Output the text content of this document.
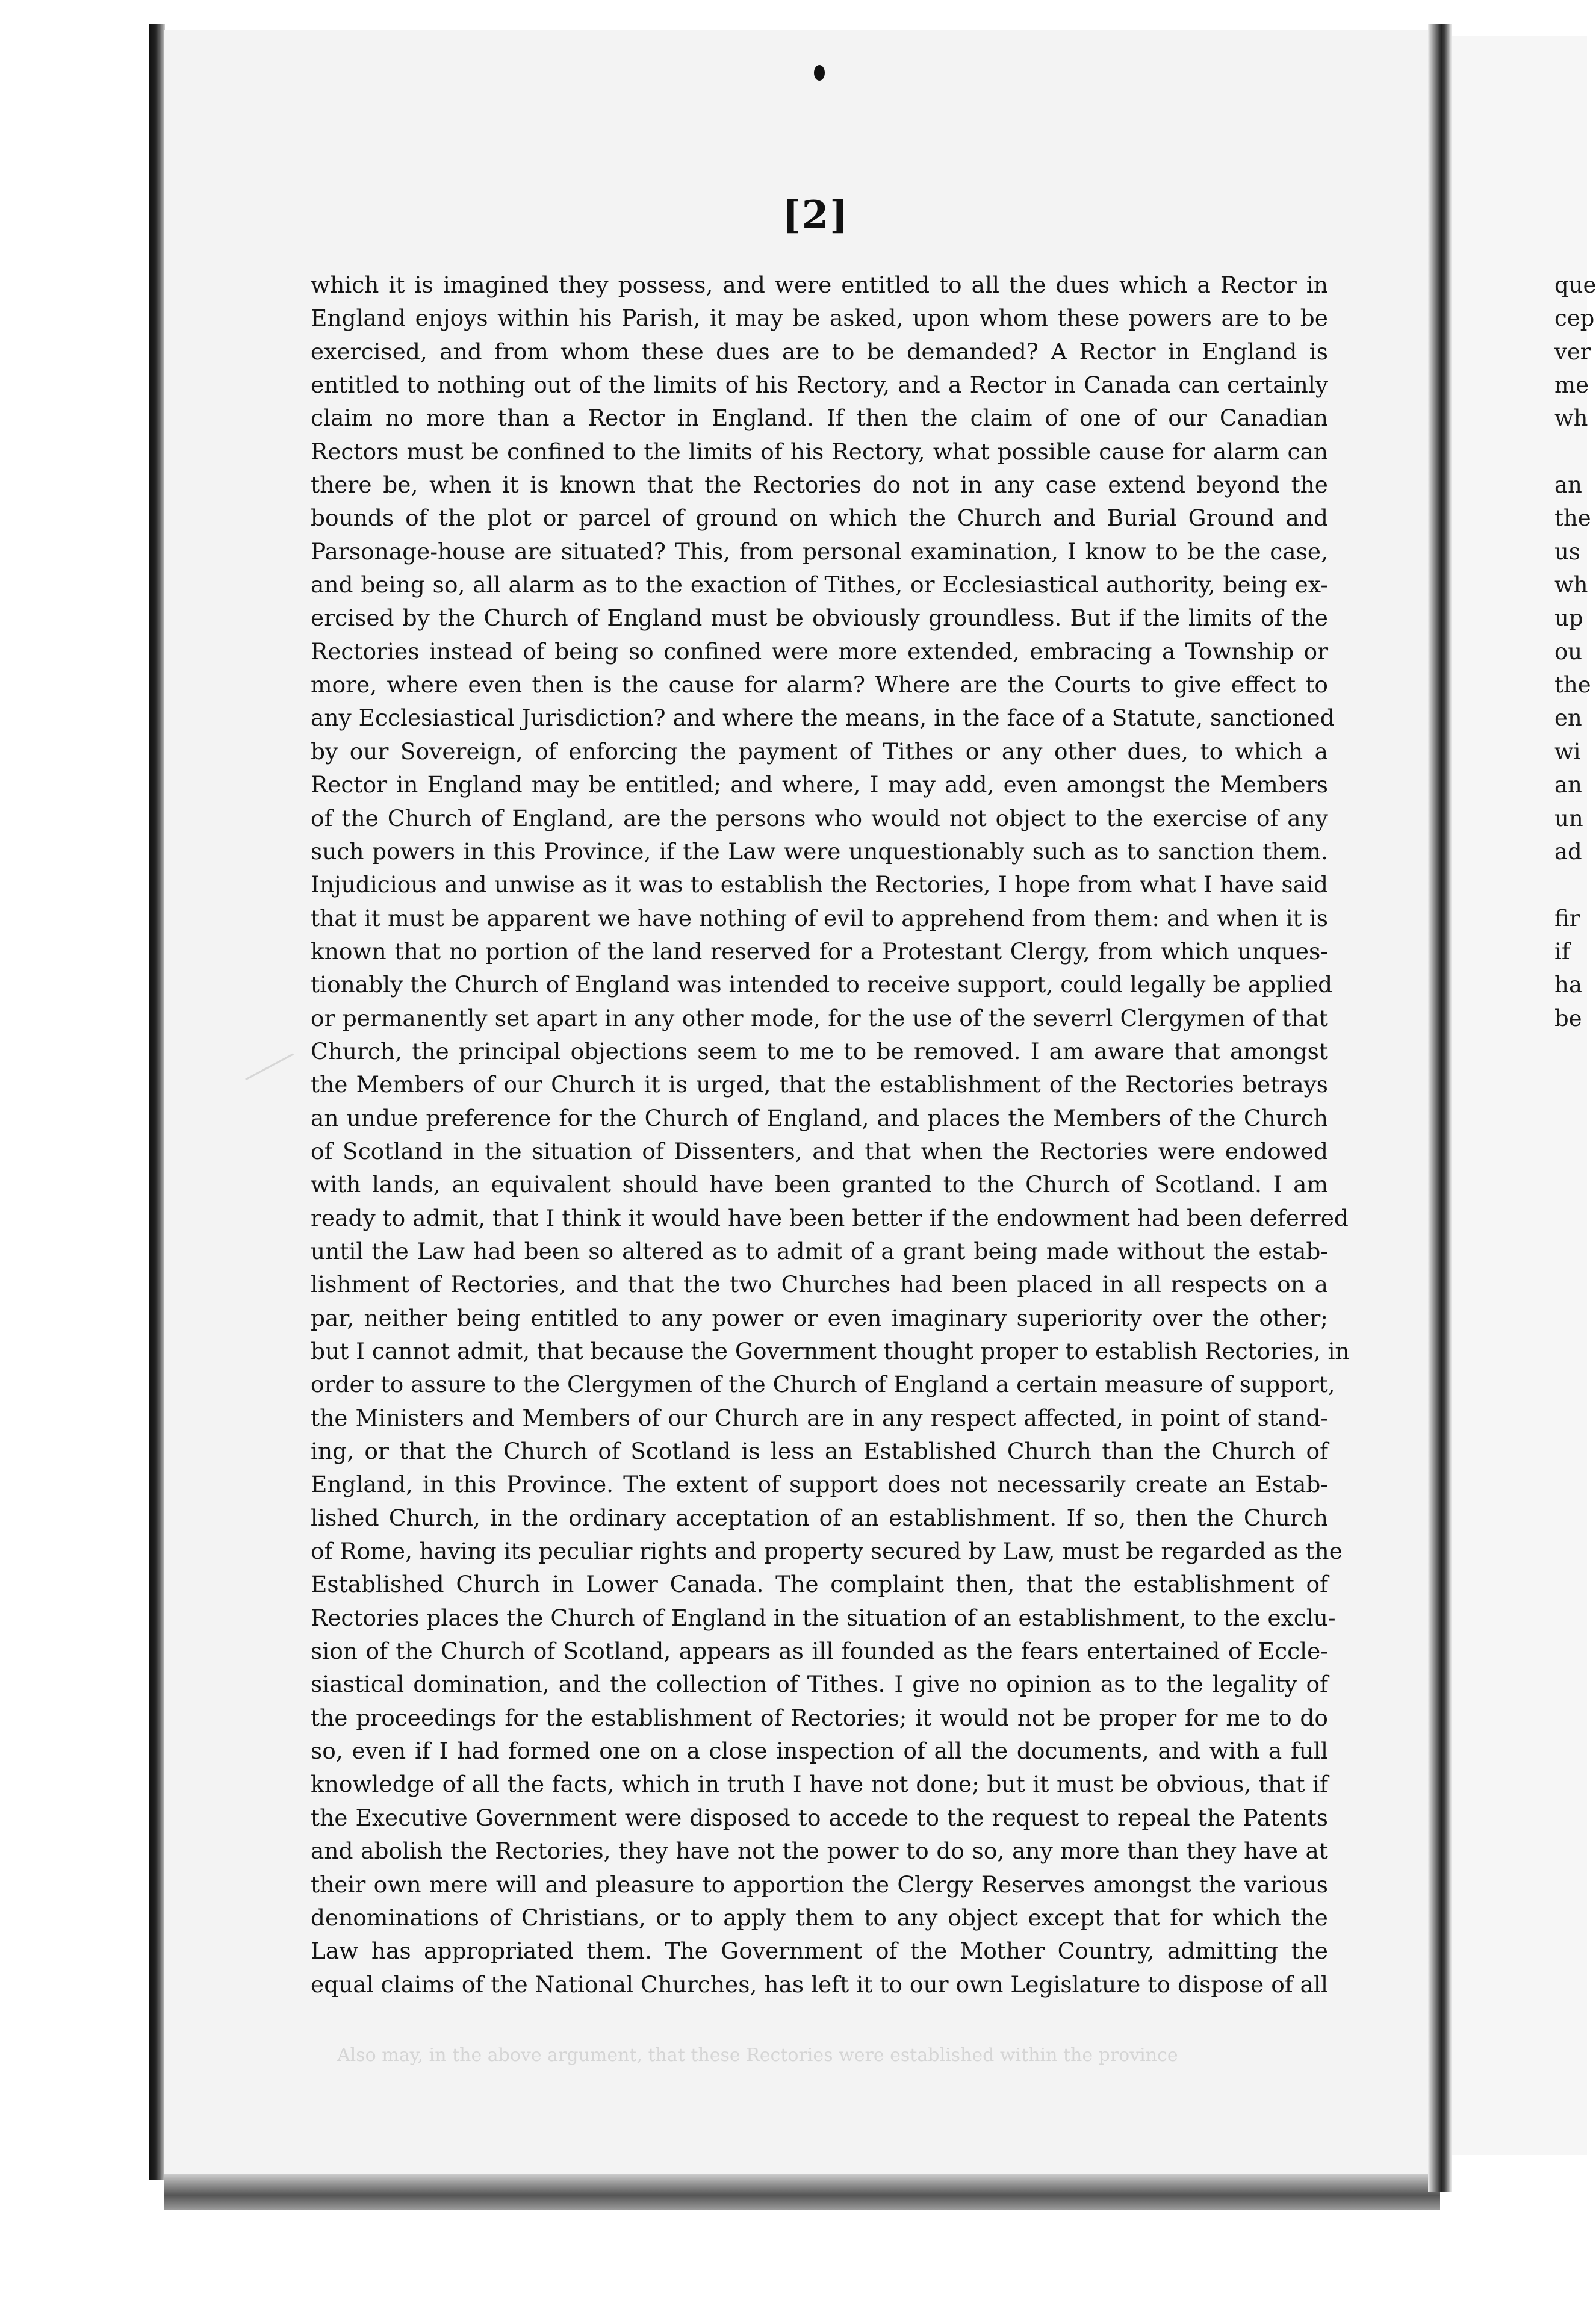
[2]
which it is imagined they possess, and were entitled to all the dues which a Rector in
England enjoys within his Parish, it may be asked, upon whom these powers are to be
exercised, and from whom these dues are to be demanded? A Rector in England is
entitled to nothing out of the limits of his Rectory, and a Rector in Canada can certainly
claim no more than a Rector in England. If then the claim of one of our Canadian
Rectors must be confined to the limits of his Rectory, what possible cause for alarm can
there be, when it is known that the Rectories do not in any case extend beyond the
bounds of the plot or parcel of ground on which the Church and Burial Ground and
Parsonage-house are situated? This, from personal examination, I know to be the case,
and being so, all alarm as to the exaction of Tithes, or Ecclesiastical authority, being ex-
ercised by the Church of England must be obviously groundless. But if the limits of the
Rectories instead of being so confined were more extended, embracing a Township or
more, where even then is the cause for alarm? Where are the Courts to give effect to
any Ecclesiastical Jurisdiction? and where the means, in the face of a Statute, sanctioned
by our Sovereign, of enforcing the payment of Tithes or any other dues, to which a
Rector in England may be entitled; and where, I may add, even amongst the Members
of the Church of England, are the persons who would not object to the exercise of any
such powers in this Province, if the Law were unquestionably such as to sanction them.
Injudicious and unwise as it was to establish the Rectories, I hope from what I have said
that it must be apparent we have nothing of evil to apprehend from them: and when it is
known that no portion of the land reserved for a Protestant Clergy, from which unques-
tionably the Church of England was intended to receive support, could legally be applied
or permanently set apart in any other mode, for the use of the severrl Clergymen of that
Church, the principal objections seem to me to be removed. I am aware that amongst
the Members of our Church it is urged, that the establishment of the Rectories betrays
an undue preference for the Church of England, and places the Members of the Church
of Scotland in the situation of Dissenters, and that when the Rectories were endowed
with lands, an equivalent should have been granted to the Church of Scotland. I am
ready to admit, that I think it would have been better if the endowment had been deferred
until the Law had been so altered as to admit of a grant being made without the estab-
lishment of Rectories, and that the two Churches had been placed in all respects on a
par, neither being entitled to any power or even imaginary superiority over the other;
but I cannot admit, that because the Government thought proper to establish Rectories, in
order to assure to the Clergymen of the Church of England a certain measure of support,
the Ministers and Members of our Church are in any respect affected, in point of stand-
ing, or that the Church of Scotland is less an Established Church than the Church of
England, in this Province. The extent of support does not necessarily create an Estab-
lished Church, in the ordinary acceptation of an establishment. If so, then the Church
of Rome, having its peculiar rights and property secured by Law, must be regarded as the
Established Church in Lower Canada. The complaint then, that the establishment of
Rectories places the Church of England in the situation of an establishment, to the exclu-
sion of the Church of Scotland, appears as ill founded as the fears entertained of Eccle-
siastical domination, and the collection of Tithes. I give no opinion as to the legality of
the proceedings for the establishment of Rectories; it would not be proper for me to do
so, even if I had formed one on a close inspection of all the documents, and with a full
knowledge of all the facts, which in truth I have not done; but it must be obvious, that if
the Executive Government were disposed to accede to the request to repeal the Patents
and abolish the Rectories, they have not the power to do so, any more than they have at
their own mere will and pleasure to apportion the Clergy Reserves amongst the various
denominations of Christians, or to apply them to any object except that for which the
Law has appropriated them. The Government of the Mother Country, admitting the
equal claims of the National Churches, has left it to our own Legislature to dispose of all
que
cep
ver
me
wh
an
the
us
wh
up
ou
the
en
wi
an
un
ad
fir
if
ha
be
Also may, in the above argument, that these Rectories were established within the province
